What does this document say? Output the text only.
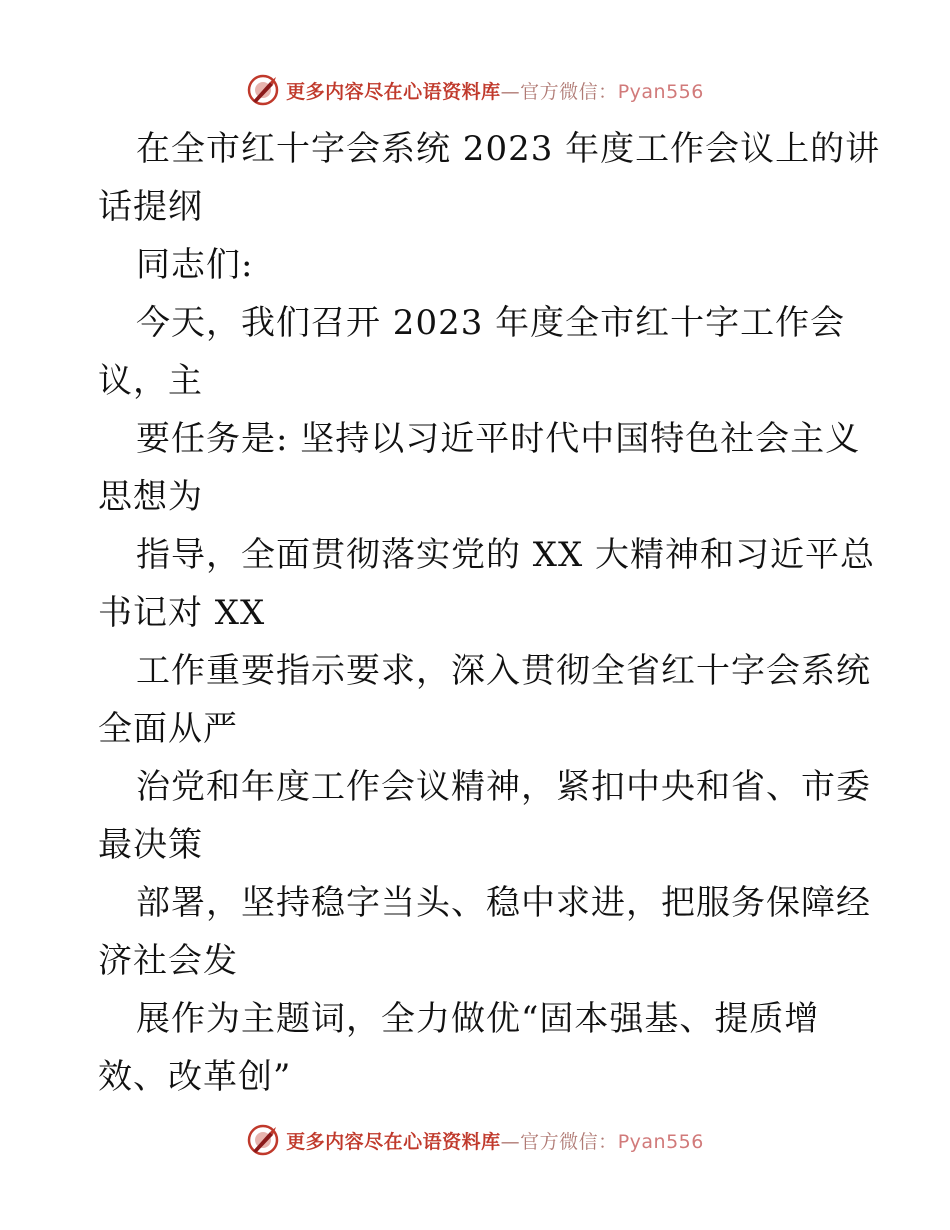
更多内容尽在心语资料库—官方微信：Pyan556
在全市红十字会系统 2023 年度工作会议上的讲
话提纲
同志们:
今天，我们召开 2023 年度全市红十字工作会
议，主
要任务是: 坚持以习近平时代中国特色社会主义
思想为
指导，全面贯彻落实党的 XX 大精神和习近平总
书记对 XX
工作重要指示要求，深入贯彻全省红十字会系统
全面从严
治党和年度工作会议精神，紧扣中央和省、市委
最决策
部署，坚持稳字当头、稳中求进，把服务保障经
济社会发
展作为主题词，全力做优“固本强基、提质增
效、改革创”
更多内容尽在心语资料库—官方微信：Pyan556
